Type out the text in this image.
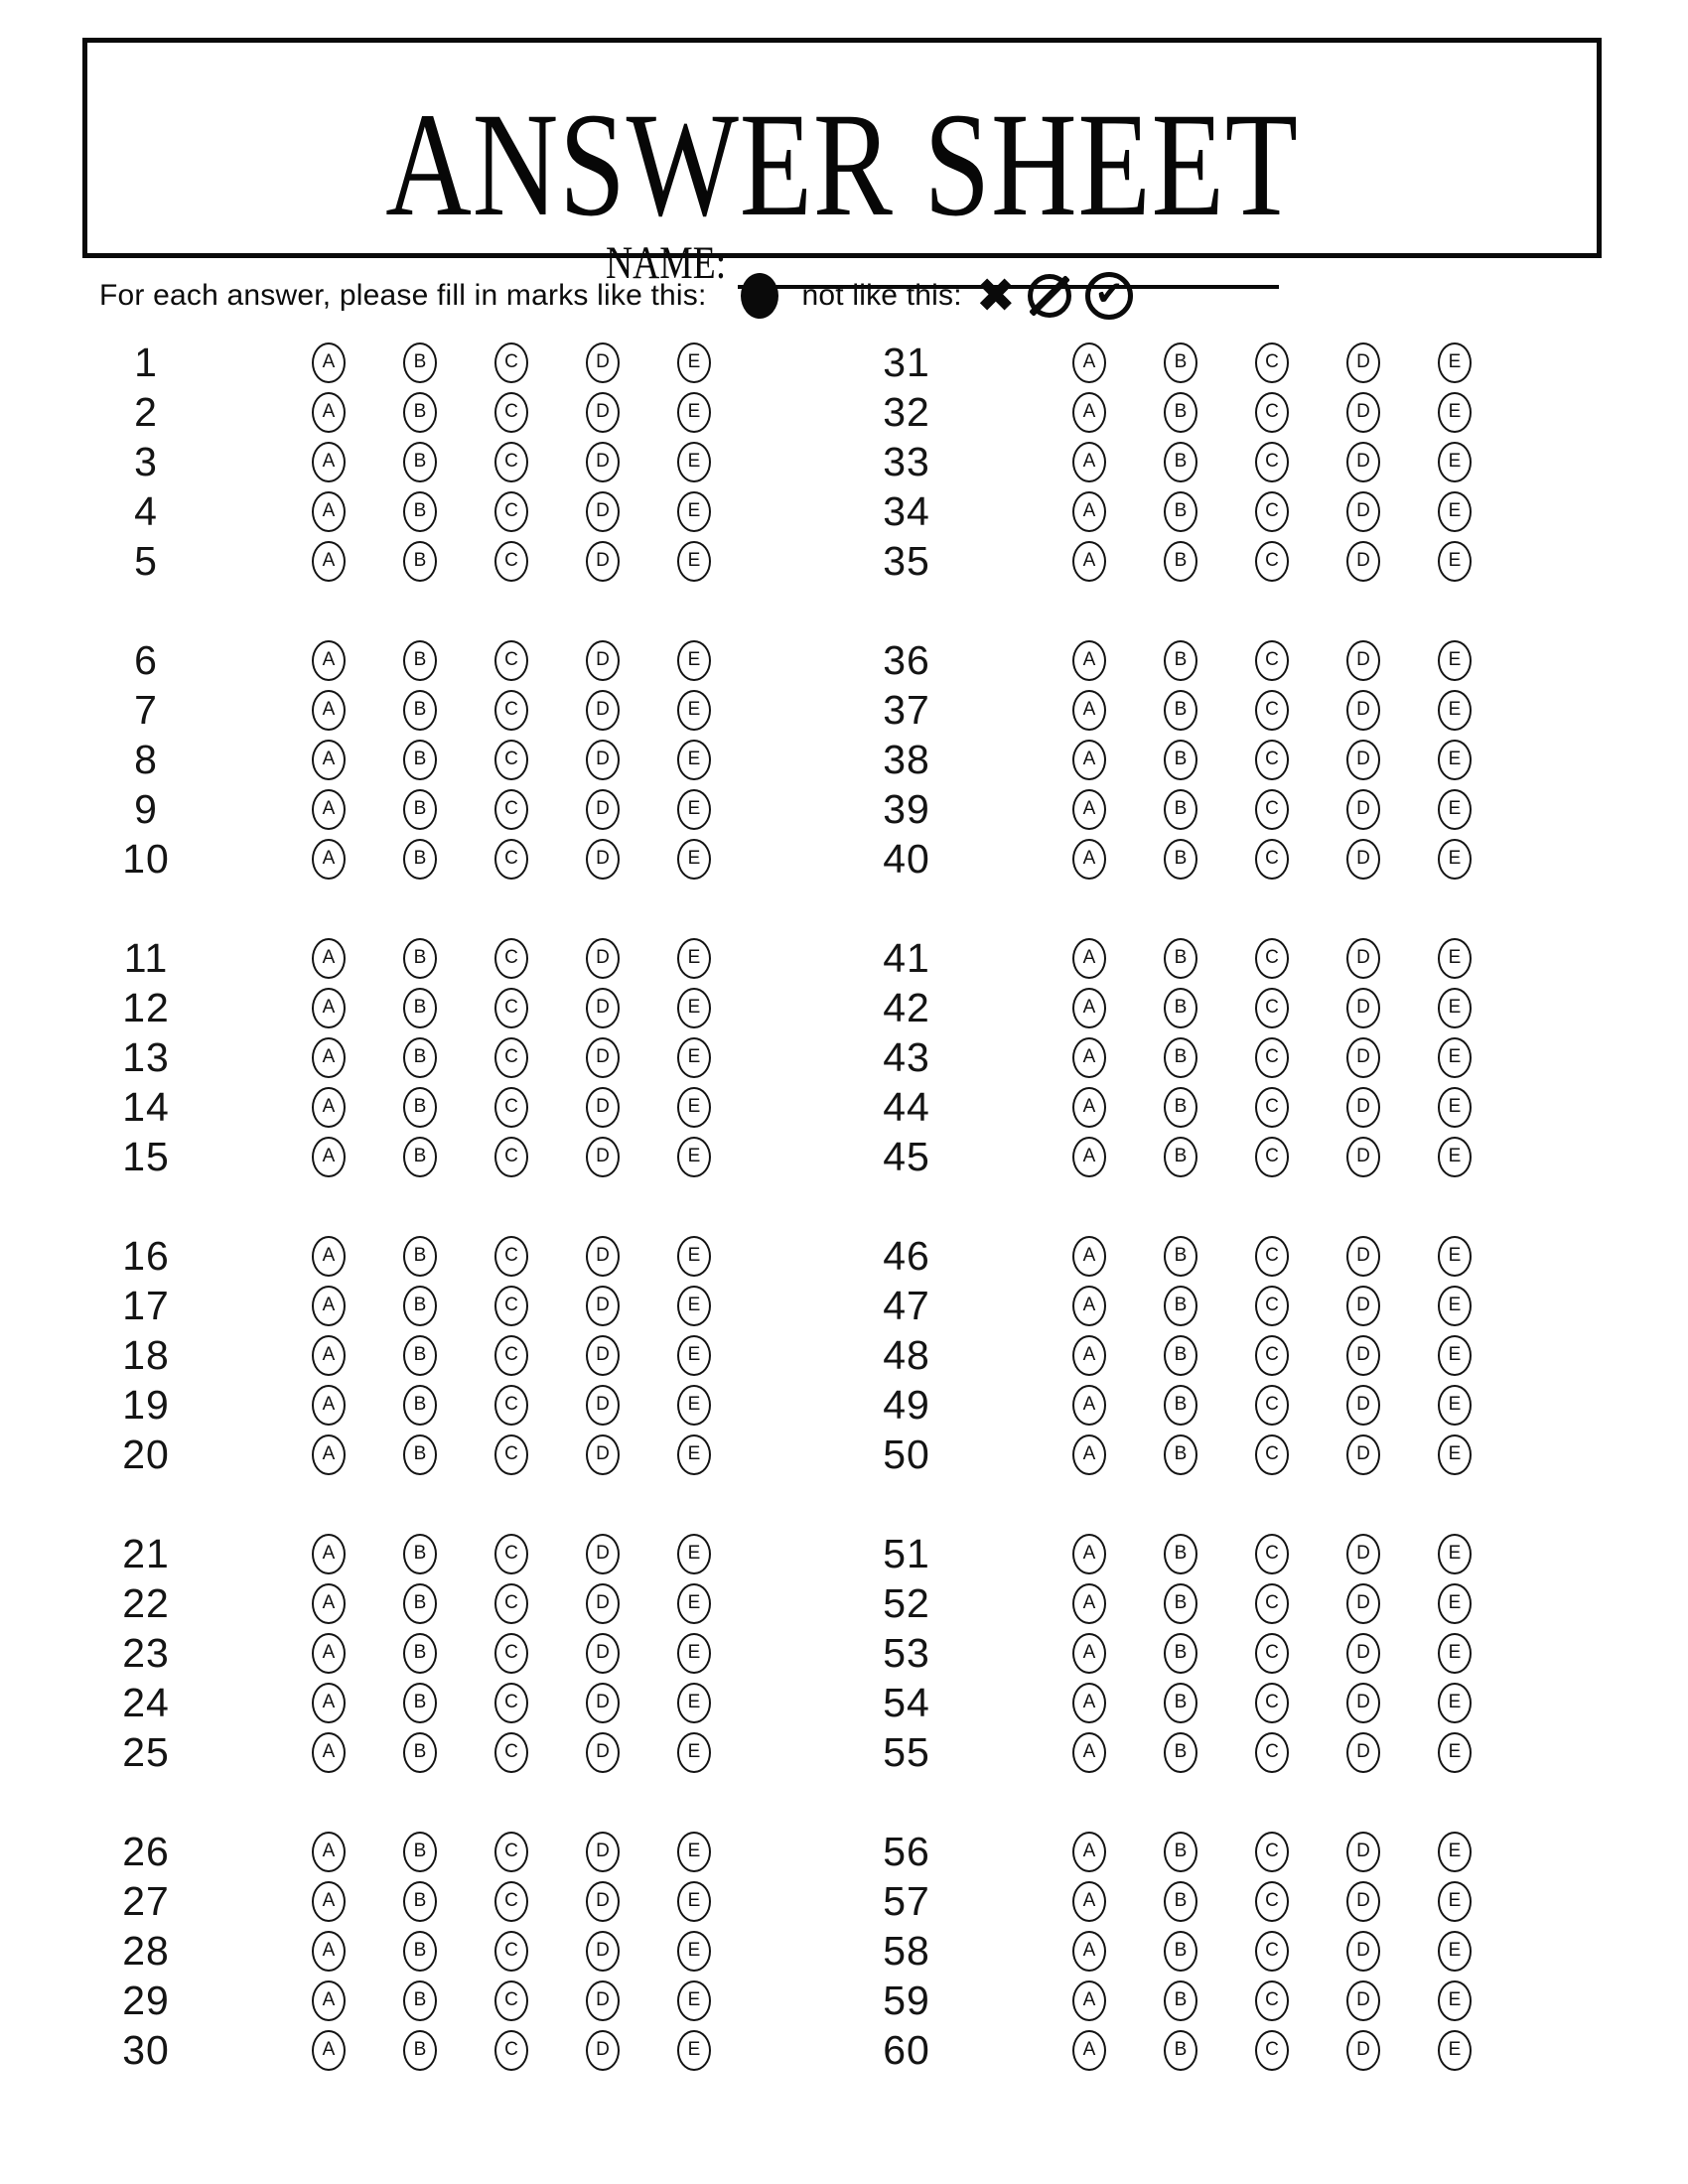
ANSWER SHEET
NAME:
For each answer, please fill in marks like this:	not like this: ✖ ✔
1	A	B	C	D	E
2	A	B	C	D	E
3	A	B	C	D	E
4	A	B	C	D	E
5	A	B	C	D	E
6	A	B	C	D	E
7	A	B	C	D	E
8	A	B	C	D	E
9	A	B	C	D	E
10	A	B	C	D	E
11	A	B	C	D	E
12	A	B	C	D	E
13	A	B	C	D	E
14	A	B	C	D	E
15	A	B	C	D	E
16	A	B	C	D	E
17	A	B	C	D	E
18	A	B	C	D	E
19	A	B	C	D	E
20	A	B	C	D	E
21	A	B	C	D	E
22	A	B	C	D	E
23	A	B	C	D	E
24	A	B	C	D	E
25	A	B	C	D	E
26	A	B	C	D	E
27	A	B	C	D	E
28	A	B	C	D	E
29	A	B	C	D	E
30	A	B	C	D	E
31	A	B	C	D	E
32	A	B	C	D	E
33	A	B	C	D	E
34	A	B	C	D	E
35	A	B	C	D	E
36	A	B	C	D	E
37	A	B	C	D	E
38	A	B	C	D	E
39	A	B	C	D	E
40	A	B	C	D	E
41	A	B	C	D	E
42	A	B	C	D	E
43	A	B	C	D	E
44	A	B	C	D	E
45	A	B	C	D	E
46	A	B	C	D	E
47	A	B	C	D	E
48	A	B	C	D	E
49	A	B	C	D	E
50	A	B	C	D	E
51	A	B	C	D	E
52	A	B	C	D	E
53	A	B	C	D	E
54	A	B	C	D	E
55	A	B	C	D	E
56	A	B	C	D	E
57	A	B	C	D	E
58	A	B	C	D	E
59	A	B	C	D	E
60	A	B	C	D	E
